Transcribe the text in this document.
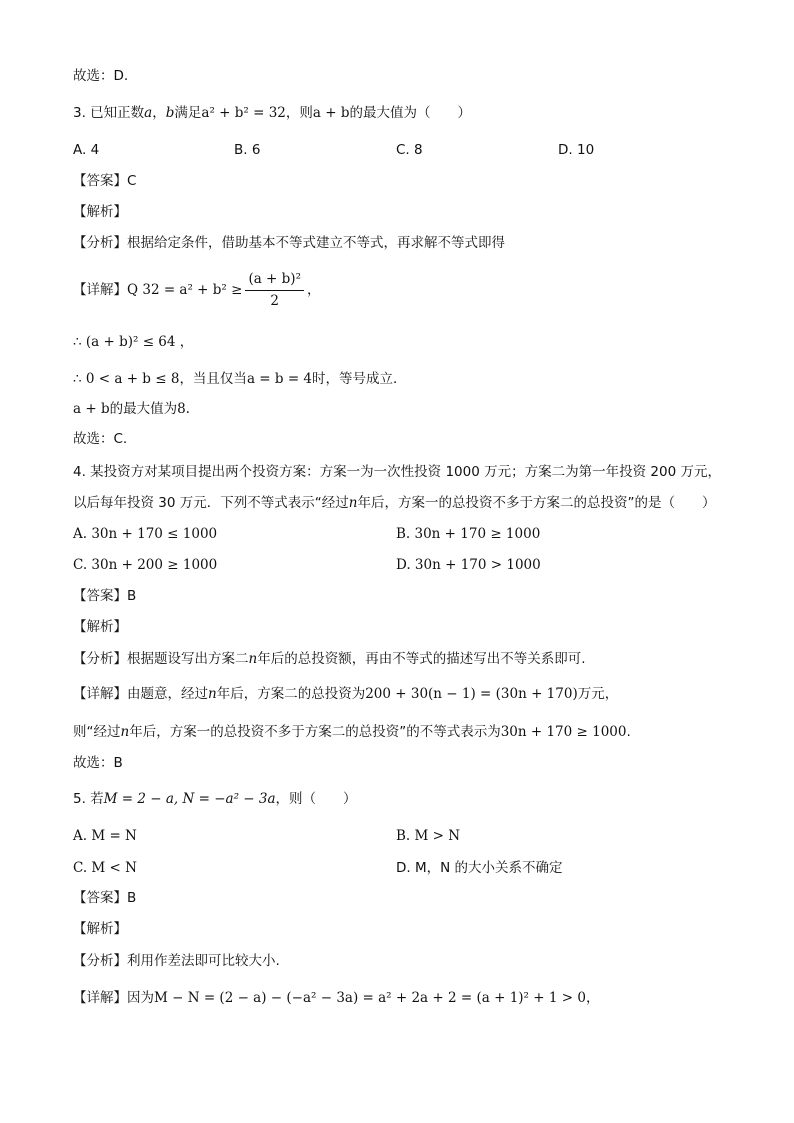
故选：D.
3. 已知正数a，b满足a² + b² = 32，则a + b的最大值为（　　）
A. 4	B. 6	C. 8	D. 10
【答案】C
【解析】
【分析】根据给定条件，借助基本不等式建立不等式，再求解不等式即得
【详解】Q $32 = a^2 + b^2 \ge \frac{\text{(a + b)²}}{2}$ ，
∴ (a + b)² ≤ 64 ，
∴ 0 < a + b ≤ 8，当且仅当a = b = 4时，等号成立．
a + b的最大值为8.
故选：C.
4. 某投资方对某项目提出两个投资方案：方案一为一次性投资 1000 万元；方案二为第一年投资 200 万元，
以后每年投资 30 万元．下列不等式表示“经过n年后，方案一的总投资不多于方案二的总投资”的是（　　）
A. 30n + 170 ≤ 1000	B. 30n + 170 ≥ 1000
C. 30n + 200 ≥ 1000	D. 30n + 170 > 1000
【答案】B
【解析】
【分析】根据题设写出方案二n年后的总投资额，再由不等式的描述写出不等关系即可.
【详解】由题意，经过n年后，方案二的总投资为200 + 30(n − 1) = (30n + 170)万元，
则“经过n年后，方案一的总投资不多于方案二的总投资”的不等式表示为30n + 170 ≥ 1000.
故选：B
5. 若M = 2 − a, N = −a² − 3a，则（　　）
A. M = N	B. M > N
C. M < N	D. M，N 的大小关系不确定
【答案】B
【解析】
【分析】利用作差法即可比较大小.
【详解】因为M − N = (2 − a) − (−a² − 3a) = a² + 2a + 2 = (a + 1)² + 1 > 0，
